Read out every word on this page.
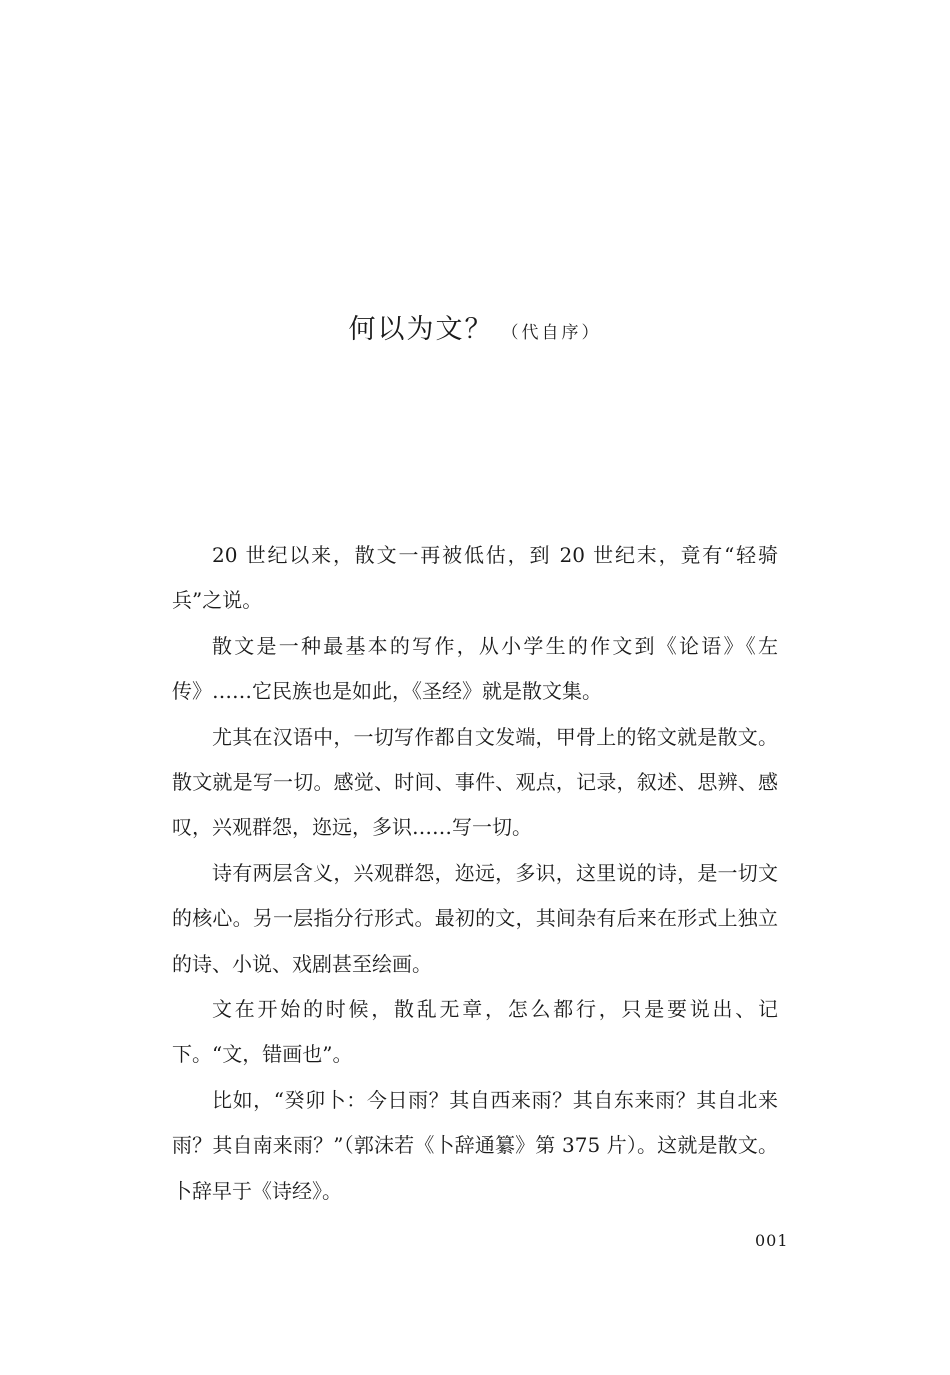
何以为文？ （代自序）

20 世纪以来，散文一再被低估，到 20 世纪末，竟有“轻骑兵”之说。

散文是一种最基本的写作，从小学生的作文到《论语》《左传》……它民族也是如此，《圣经》就是散文集。

尤其在汉语中，一切写作都自文发端，甲骨上的铭文就是散文。散文就是写一切。感觉、时间、事件、观点，记录，叙述、思辨、感叹，兴观群怨，迩远，多识……写一切。

诗有两层含义，兴观群怨，迩远，多识，这里说的诗，是一切文的核心。另一层指分行形式。最初的文，其间杂有后来在形式上独立的诗、小说、戏剧甚至绘画。

文在开始的时候，散乱无章，怎么都行，只是要说出、记下。“文，错画也”。

比如，“癸卯卜：今日雨？其自西来雨？其自东来雨？其自北来雨？其自南来雨？”（郭沫若《卜辞通纂》第 375 片）。这就是散文。卜辞早于《诗经》。

001
